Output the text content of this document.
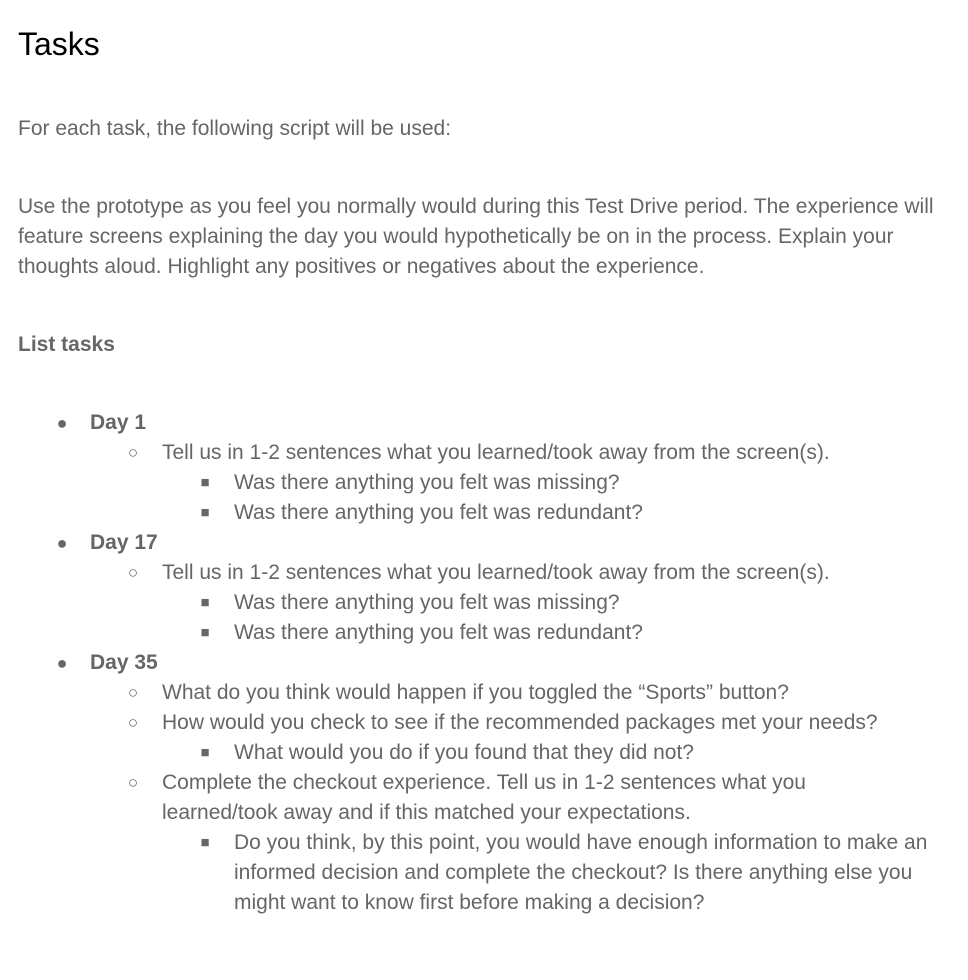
Tasks

For each task, the following script will be used:

Use the prototype as you feel you normally would during this Test Drive period. The experience will feature screens explaining the day you would hypothetically be on in the process. Explain your thoughts aloud. Highlight any positives or negatives about the experience.

List tasks

● Day 1
○ Tell us in 1-2 sentences what you learned/took away from the screen(s).
■ Was there anything you felt was missing?
■ Was there anything you felt was redundant?
● Day 17
○ Tell us in 1-2 sentences what you learned/took away from the screen(s).
■ Was there anything you felt was missing?
■ Was there anything you felt was redundant?
● Day 35
○ What do you think would happen if you toggled the “Sports” button?
○ How would you check to see if the recommended packages met your needs?
■ What would you do if you found that they did not?
○ Complete the checkout experience. Tell us in 1-2 sentences what you learned/took away and if this matched your expectations.
■ Do you think, by this point, you would have enough information to make an informed decision and complete the checkout? Is there anything else you might want to know first before making a decision?
